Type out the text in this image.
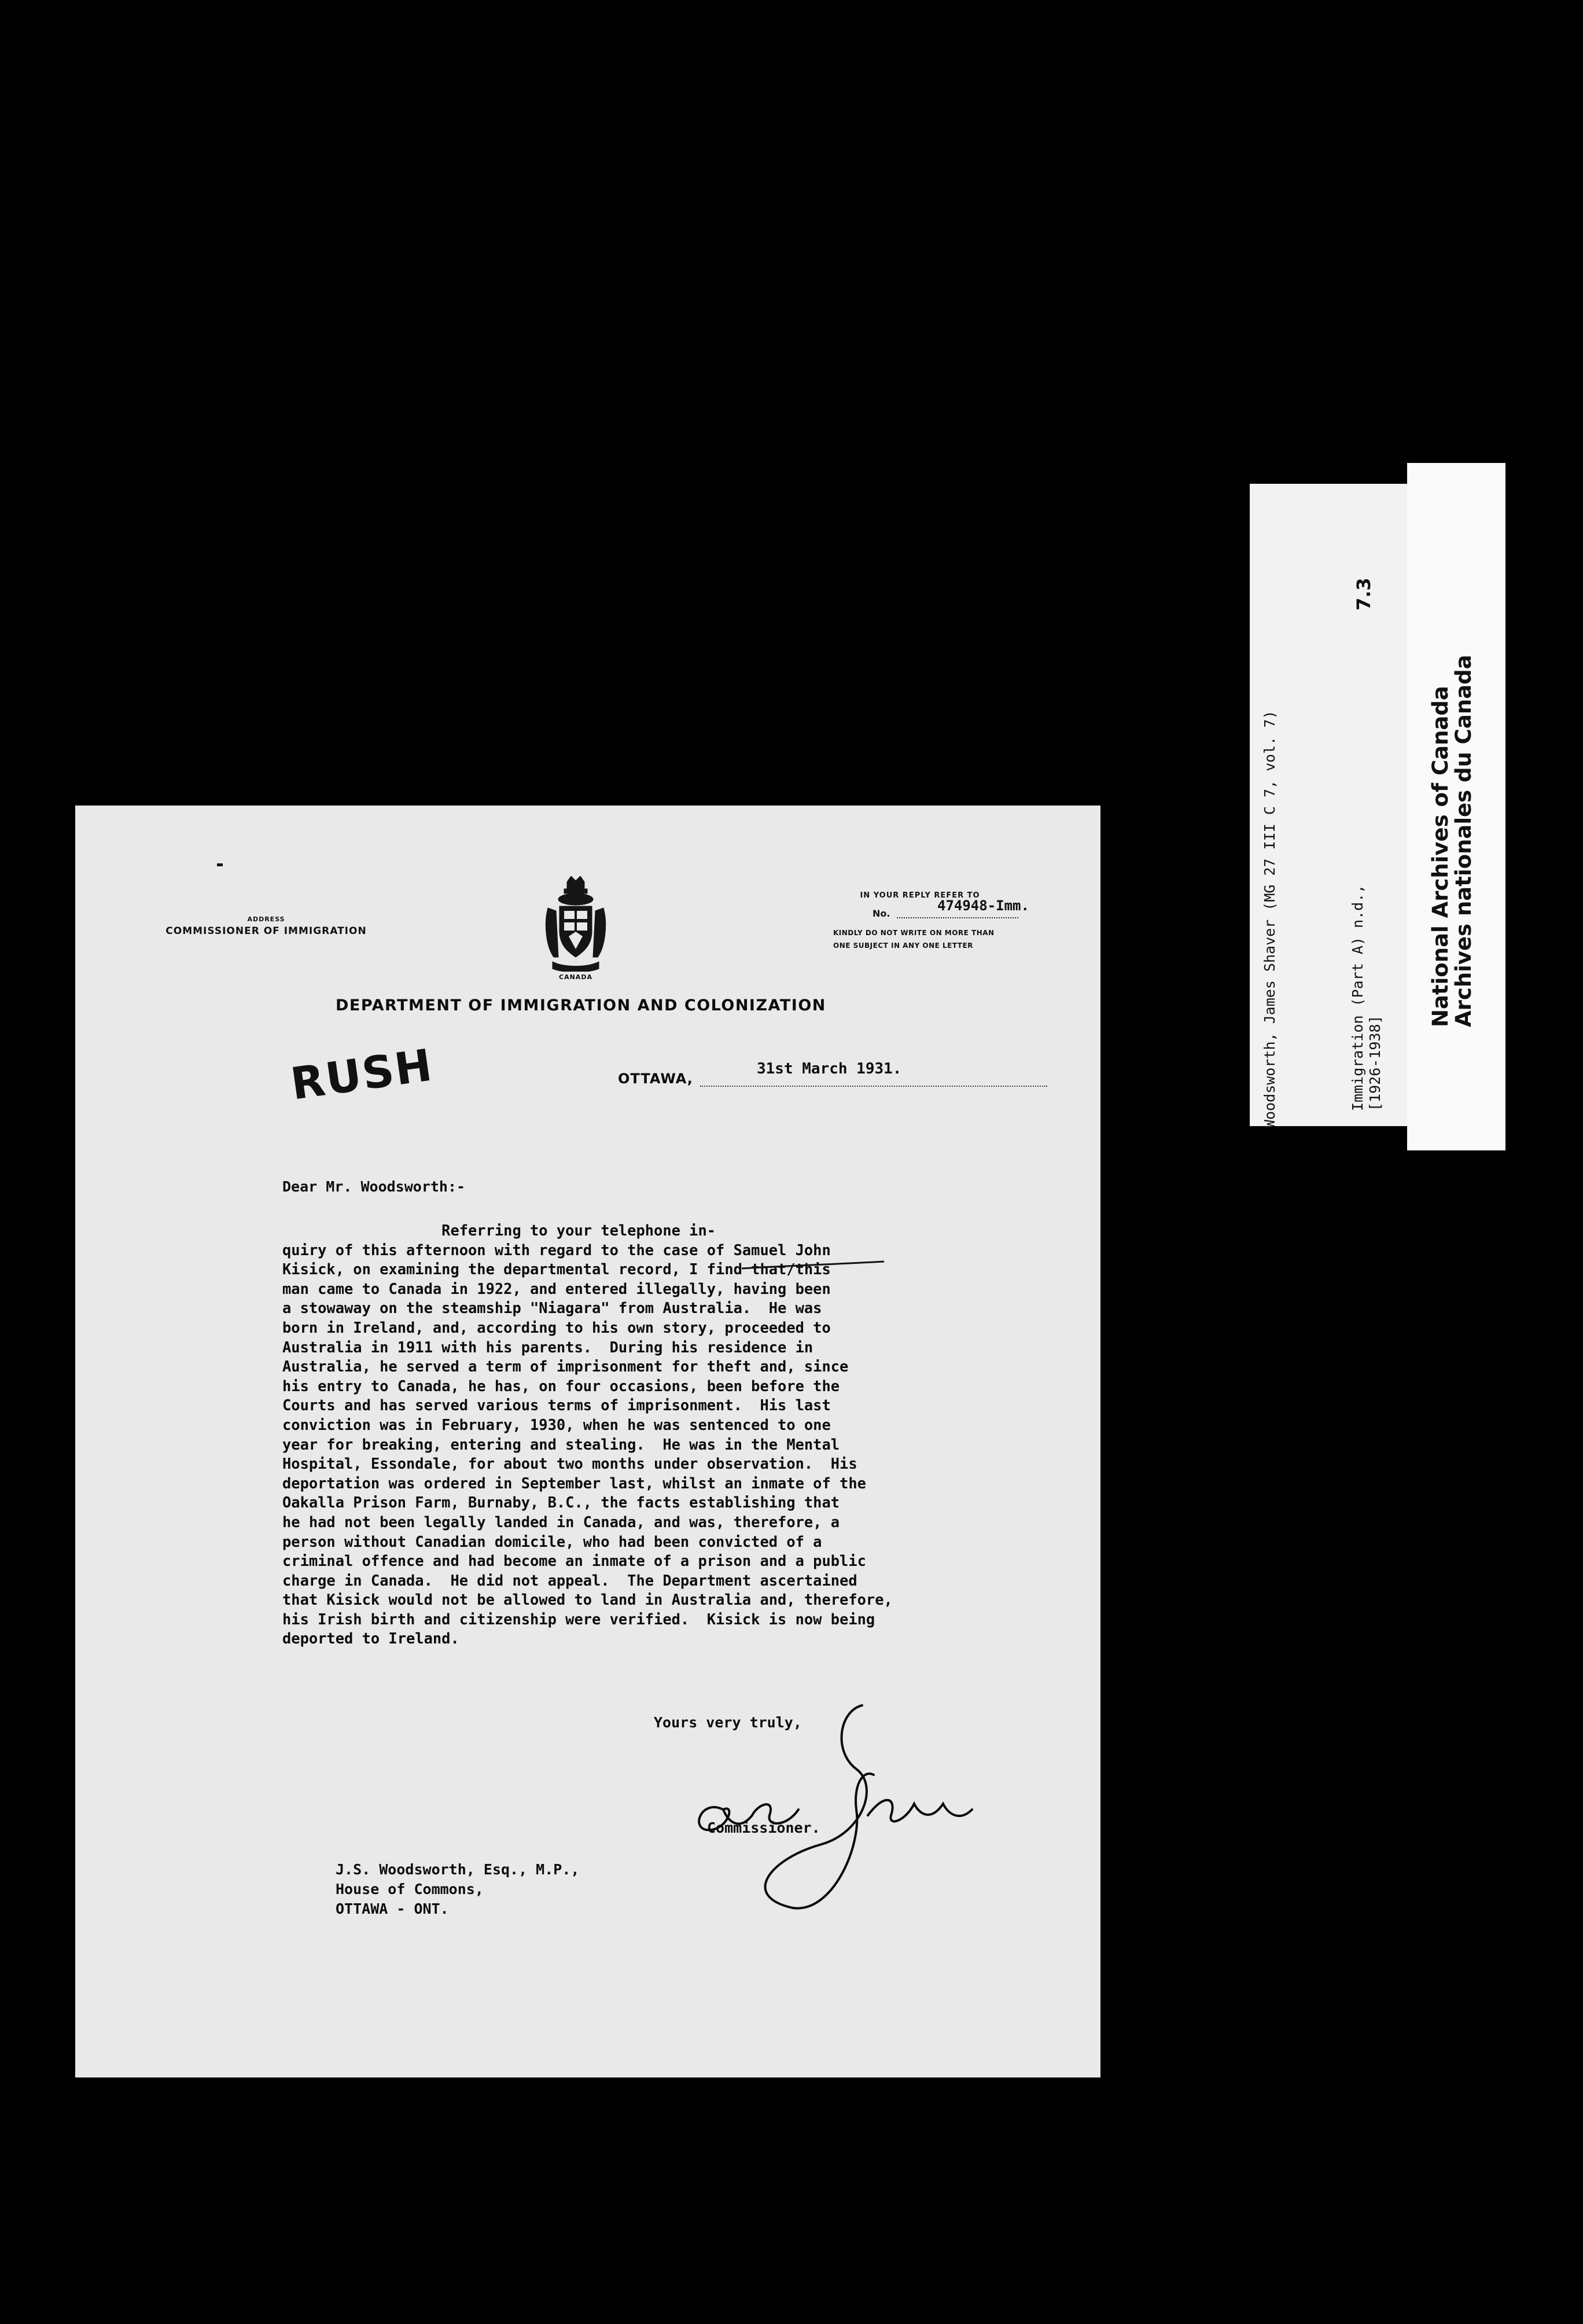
ADDRESS
COMMISSIONER OF IMMIGRATION
CANADA
IN YOUR REPLY REFER TO
No.	474948-Imm.
KINDLY DO NOT WRITE ON MORE THAN
ONE SUBJECT IN ANY ONE LETTER
DEPARTMENT OF IMMIGRATION AND COLONIZATION
RUSH	OTTAWA,
31st March 1931.
Dear Mr. Woodsworth:-
Referring to your telephone in-
quiry of this afternoon with regard to the case of Samuel John
Kisick, on examining the departmental record, I find that/this
man came to Canada in 1922, and entered illegally, having been
a stowaway on the steamship "Niagara" from Australia.  He was
born in Ireland, and, according to his own story, proceeded to
Australia in 1911 with his parents.  During his residence in
Australia, he served a term of imprisonment for theft and, since
his entry to Canada, he has, on four occasions, been before the
Courts and has served various terms of imprisonment.  His last
conviction was in February, 1930, when he was sentenced to one
year for breaking, entering and stealing.  He was in the Mental
Hospital, Essondale, for about two months under observation.  His
deportation was ordered in September last, whilst an inmate of the
Oakalla Prison Farm, Burnaby, B.C., the facts establishing that
he had not been legally landed in Canada, and was, therefore, a
person without Canadian domicile, who had been convicted of a
criminal offence and had become an inmate of a prison and a public
charge in Canada.  He did not appeal.  The Department ascertained
that Kisick would not be allowed to land in Australia and, therefore,
his Irish birth and citizenship were verified.  Kisick is now being
deported to Ireland.
Yours very truly,
Commissioner.
J.S. Woodsworth, Esq., M.P.,
House of Commons,
OTTAWA - ONT.
Woodsworth, James Shaver (MG 27 III C 7, vol. 7)	Immigration (Part A) n.d., [1926-1938]
7.3
National Archives of Canada
Archives nationales du Canada
